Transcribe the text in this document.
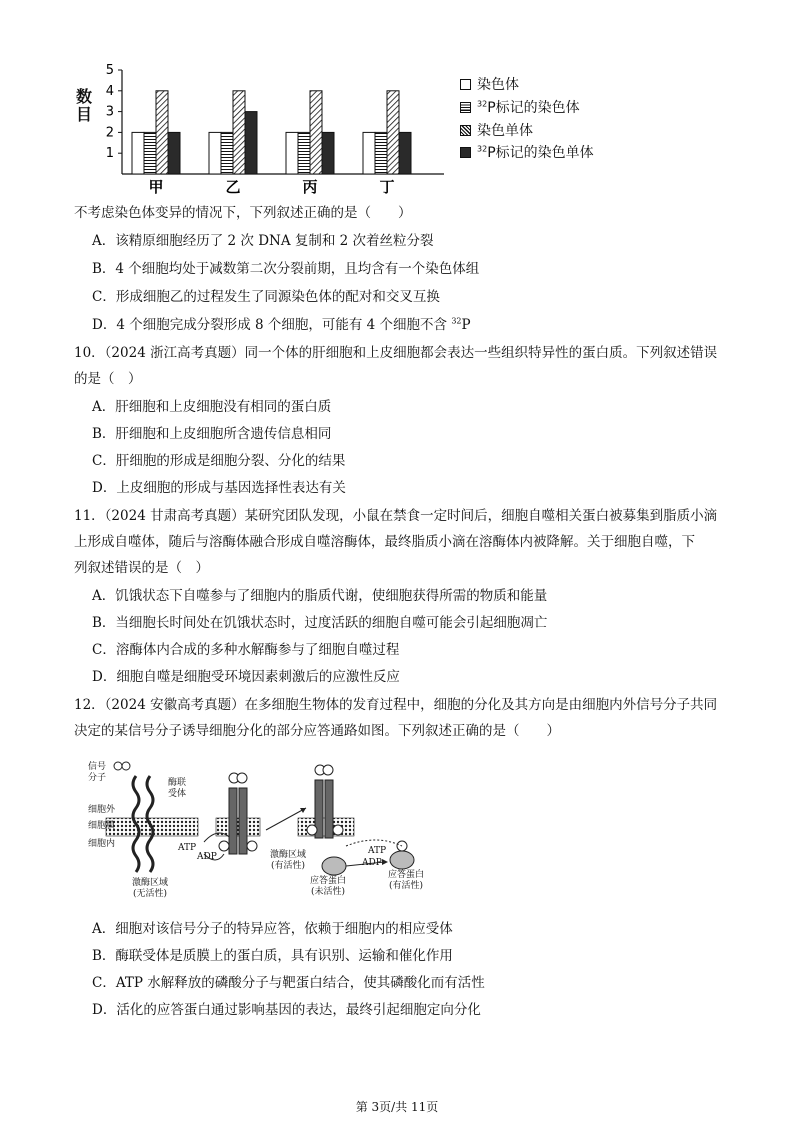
1
2
3
4
5
甲	乙	丙	丁
数目
染色体
$^{32}$P标记的染色体
染色单体
$^{32}$P标记的染色单体
不考虑染色体变异的情况下，下列叙述正确的是（　　）
A．该精原细胞经历了 2 次 DNA 复制和 2 次着丝粒分裂
B．4 个细胞均处于减数第二次分裂前期，且均含有一个染色体组
C．形成细胞乙的过程发生了同源染色体的配对和交叉互换
D．4 个细胞完成分裂形成 8 个细胞，可能有 4 个细胞不含 $^{32}$P
10．（2024 浙江高考真题）同一个体的肝细胞和上皮细胞都会表达一些组织特异性的蛋白质。下列叙述错误
的是（　）
A．肝细胞和上皮细胞没有相同的蛋白质
B．肝细胞和上皮细胞所含遗传信息相同
C．肝细胞的形成是细胞分裂、分化的结果
D．上皮细胞的形成与基因选择性表达有关
11．（2024 甘肃高考真题）某研究团队发现，小鼠在禁食一定时间后，细胞自噬相关蛋白被募集到脂质小滴
上形成自噬体，随后与溶酶体融合形成自噬溶酶体，最终脂质小滴在溶酶体内被降解。关于细胞自噬，下
列叙述错误的是（　）
A．饥饿状态下自噬参与了细胞内的脂质代谢，使细胞获得所需的物质和能量
B．当细胞长时间处在饥饿状态时，过度活跃的细胞自噬可能会引起细胞凋亡
C．溶酶体内合成的多种水解酶参与了细胞自噬过程
D．细胞自噬是细胞受环境因素刺激后的应激性反应
12．（2024 安徽高考真题）在多细胞生物体的发育过程中，细胞的分化及其方向是由细胞内外信号分子共同
决定的某信号分子诱导细胞分化的部分应答通路如图。下列叙述正确的是（　　）
信号分子	酶联受体
细胞外
细胞膜
细胞内	ATP
ADP
激酶区域
(无活性)
激酶区域
(有活性)
ATP
ADP
应答蛋白
(未活性)
应答蛋白
(有活性)
A．细胞对该信号分子的特异应答，依赖于细胞内的相应受体
B．酶联受体是质膜上的蛋白质，具有识别、运输和催化作用
C．ATP 水解释放的磷酸分子与靶蛋白结合，使其磷酸化而有活性
D．活化的应答蛋白通过影响基因的表达，最终引起细胞定向分化
第 3页/共 11页
